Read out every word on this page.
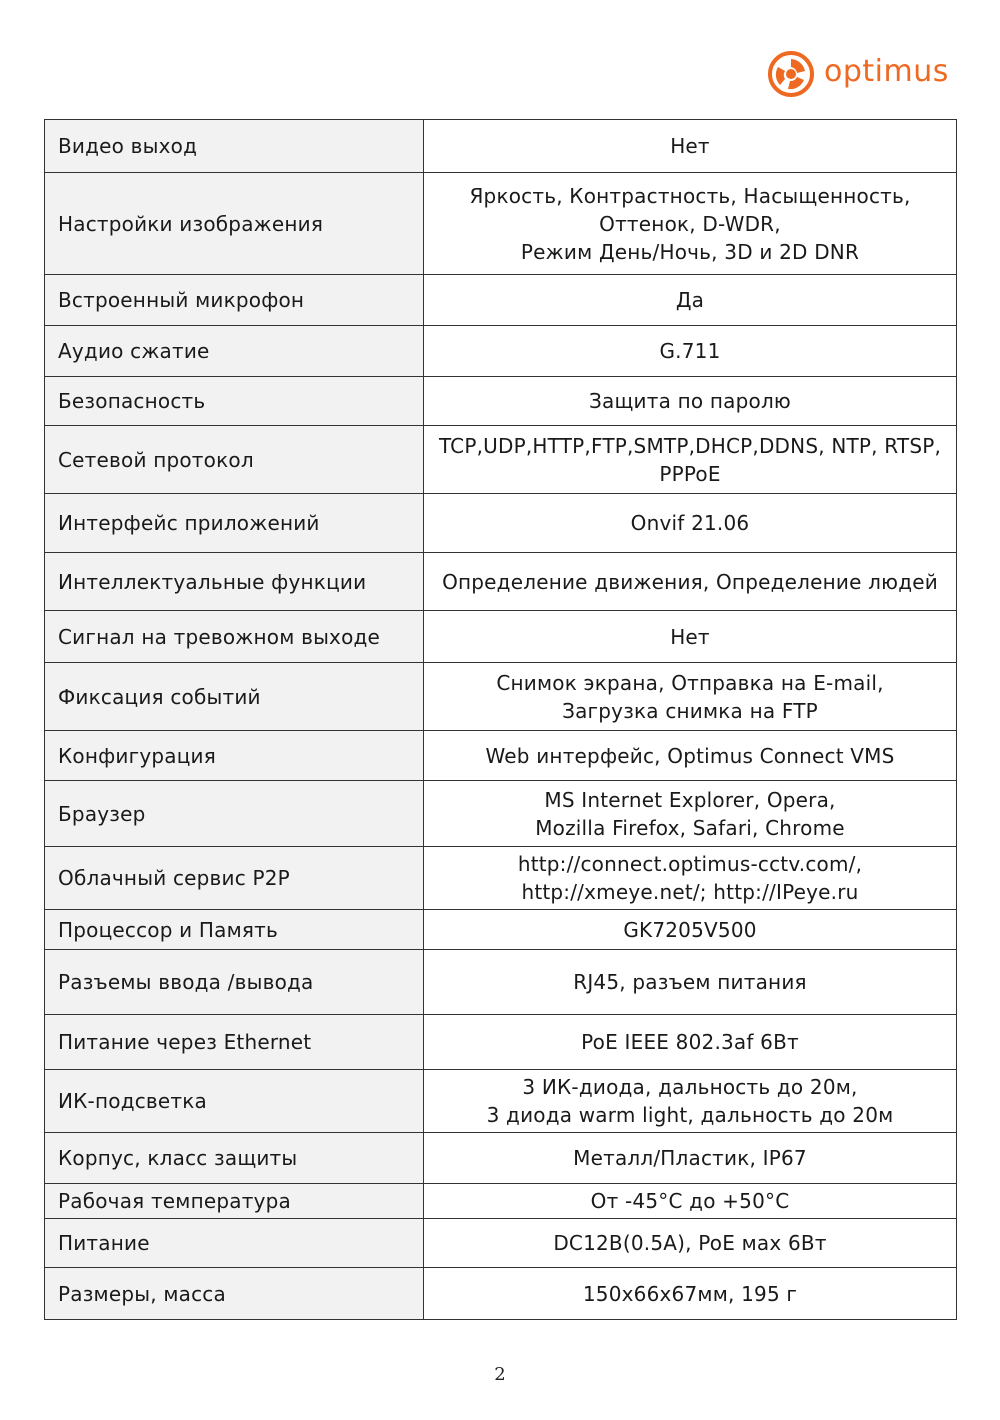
optimus
Видео выход	Нет

Настройки изображения	Яркость, Контрастность, Насыщенность,
Оттенок, D-WDR,
Режим День/Ночь, 3D и 2D DNR

Встроенный микрофон	Да

Аудио сжатие	G.711

Безопасность	Защита по паролю

Сетевой протокол	TCP,UDP,HTTP,FTP,SMTP,DHCP,DDNS, NTP, RTSP,
PPPoE

Интерфейс приложений	Onvif 21.06

Интеллектуальные функции	Определение движения, Определение людей

Сигнал на тревожном выходе	Нет

Фиксация событий	Снимок экрана, Отправка на E-mail,
Загрузка снимка на FTP

Конфигурация	Web интерфейс, Optimus Connect VMS

Браузер	MS Internet Explorer, Opera,
Mozilla Firefox, Safari, Chrome

Облачный сервис P2P	http://connect.optimus-cctv.com/,
http://xmeye.net/; http://IPeye.ru

Процессор и Память	GK7205V500

Разъемы ввода /вывода	RJ45, разъем питания

Питание через Ethernet	PoE IEEE 802.3af 6Вт

ИК-подсветка	3 ИК-диода, дальность до 20м,
3 диода warm light, дальность до 20м

Корпус, класс защиты	Металл/Пластик, IP67

Рабочая температура	От -45°С до +50°С

Питание	DC12В(0.5А), PoE мах 6Вт

Размеры, масса	150х66х67мм, 195 г
2
